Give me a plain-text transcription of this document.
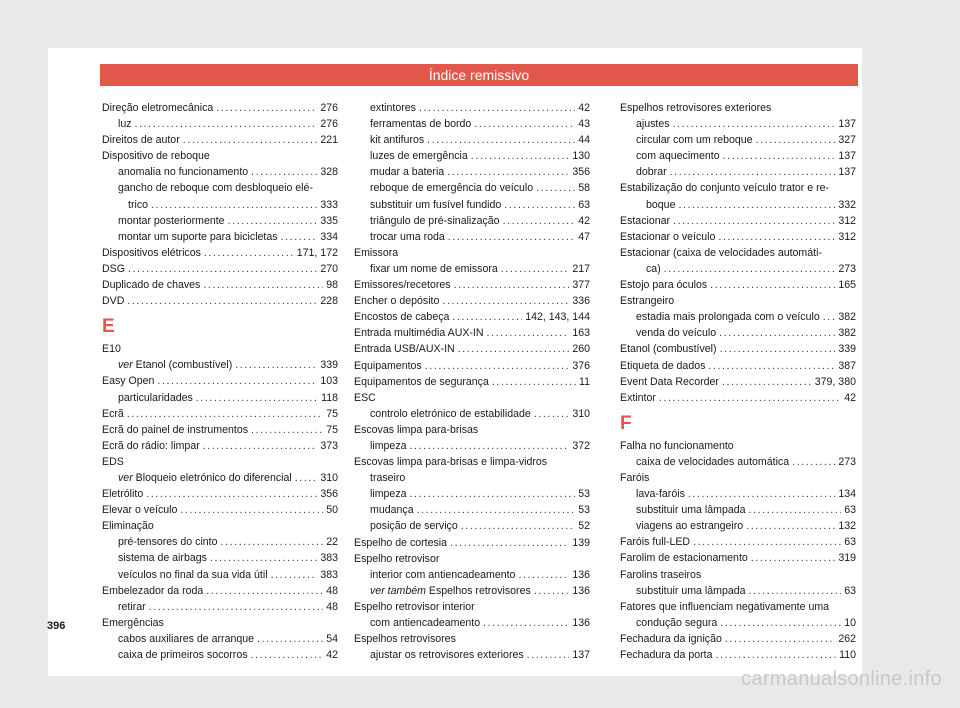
Índice remissivo
Direção eletromecânica .....	276
luz .....	276
Direitos de autor .....	221
Dispositivo de reboque
anomalia no funcionamento .....	328
gancho de reboque com desbloqueio elé-
trico .....	333
montar posteriormente .....	335
montar um suporte para bicicletas .....	334
Dispositivos elétricos .....	171, 172
DSG .....	270
Duplicado de chaves .....	98
DVD .....	228
E
E10
ver Etanol (combustível) .....	339
Easy Open .....	103
particularidades .....	118
Ecrã .....	75
Ecrã do painel de instrumentos .....	75
Ecrã do rádio: limpar .....	373
EDS
ver Bloqueio eletrónico do diferencial .....	310
Eletrólito .....	356
Elevar o veículo .....	50
Eliminação
pré-tensores do cinto .....	22
sistema de airbags .....	383
veículos no final da sua vida útil .....	383
Embelezador da roda .....	48
retirar .....	48
Emergências
cabos auxiliares de arranque .....	54
caixa de primeiros socorros .....	42
extintores .....	42
ferramentas de bordo .....	43
kit antifuros .....	44
luzes de emergência .....	130
mudar a bateria .....	356
reboque de emergência do veículo .....	58
substituir um fusível fundido .....	63
triângulo de pré-sinalização .....	42
trocar uma roda .....	47
Emissora
fixar um nome de emissora .....	217
Emissores/recetores .....	377
Encher o depósito .....	336
Encostos de cabeça .....	142, 143, 144
Entrada multimédia AUX-IN .....	163
Entrada USB/AUX-IN .....	260
Equipamentos .....	376
Equipamentos de segurança .....	11
ESC
controlo eletrónico de estabilidade .....	310
Escovas limpa para-brisas
limpeza .....	372
Escovas limpa para-brisas e limpa-vidros
traseiro
limpeza .....	53
mudança .....	53
posição de serviço .....	52
Espelho de cortesia .....	139
Espelho retrovisor
interior com antiencadeamento .....	136
ver também Espelhos retrovisores .....	136
Espelho retrovisor interior
com antiencadeamento .....	136
Espelhos retrovisores
ajustar os retrovisores exteriores .....	137
Espelhos retrovisores exteriores
ajustes .....	137
circular com um reboque .....	327
com aquecimento .....	137
dobrar .....	137
Estabilização do conjunto veículo trator e re-
boque .....	332
Estacionar .....	312
Estacionar o veículo .....	312
Estacionar (caixa de velocidades automáti-
ca) .....	273
Estojo para óculos .....	165
Estrangeiro
estadia mais prolongada com o veículo ..... 382
venda do veículo .....	382
Etanol (combustível) .....	339
Etiqueta de dados .....	387
Event Data Recorder .....	379, 380
Extintor .....	42
F
Falha no funcionamento
caixa de velocidades automática .....	273
Faróis
lava-faróis .....	134
substituir uma lâmpada .....	63
viagens ao estrangeiro .....	132
Faróis full-LED .....	63
Farolim de estacionamento .....	319
Farolins traseiros
substituir uma lâmpada .....	63
Fatores que influenciam negativamente uma
condução segura .....	10
Fechadura da ignição .....	262
Fechadura da porta .....	110
396
carmanualsonline.info
